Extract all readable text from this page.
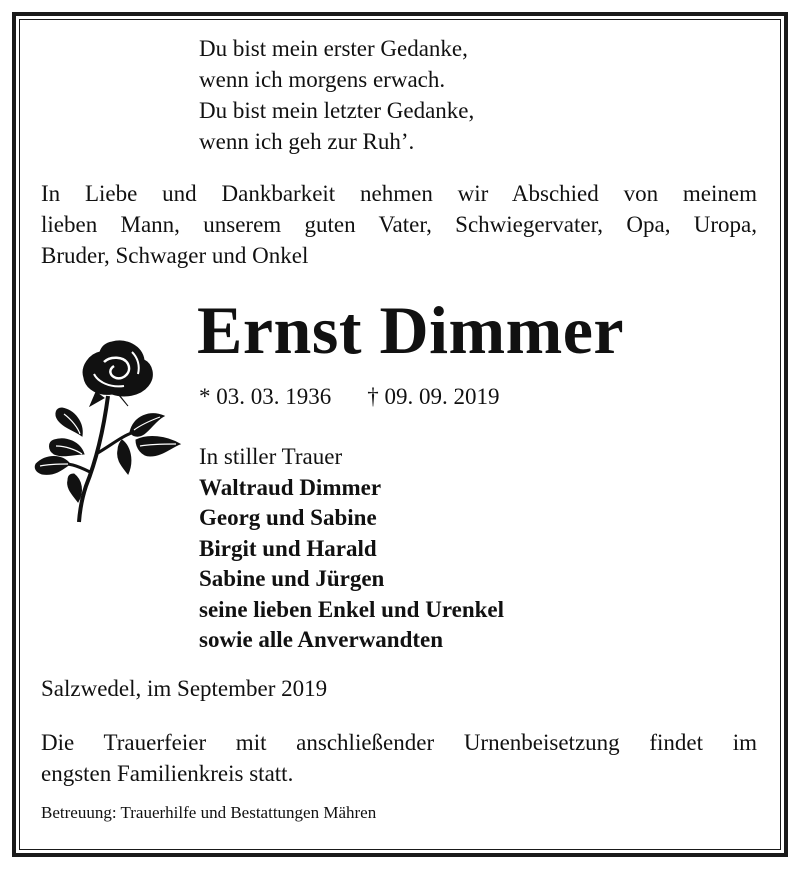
Du bist mein erster Gedanke,
wenn ich morgens erwach.
Du bist mein letzter Gedanke,
wenn ich geh zur Ruh’.
In Liebe und Dankbarkeit nehmen wir Abschied von meinem
lieben Mann, unserem guten Vater, Schwiegervater, Opa, Uropa,
Bruder, Schwager und Onkel
Ernst Dimmer
* 03. 03. 1936 † 09. 09. 2019
In stiller Trauer
Waltraud Dimmer
Georg und Sabine
Birgit und Harald
Sabine und Jürgen
seine lieben Enkel und Urenkel
sowie alle Anverwandten
Salzwedel, im September 2019
Die Trauerfeier mit anschließender Urnenbeisetzung findet im
engsten Familienkreis statt.
Betreuung: Trauerhilfe und Bestattungen Mähren
